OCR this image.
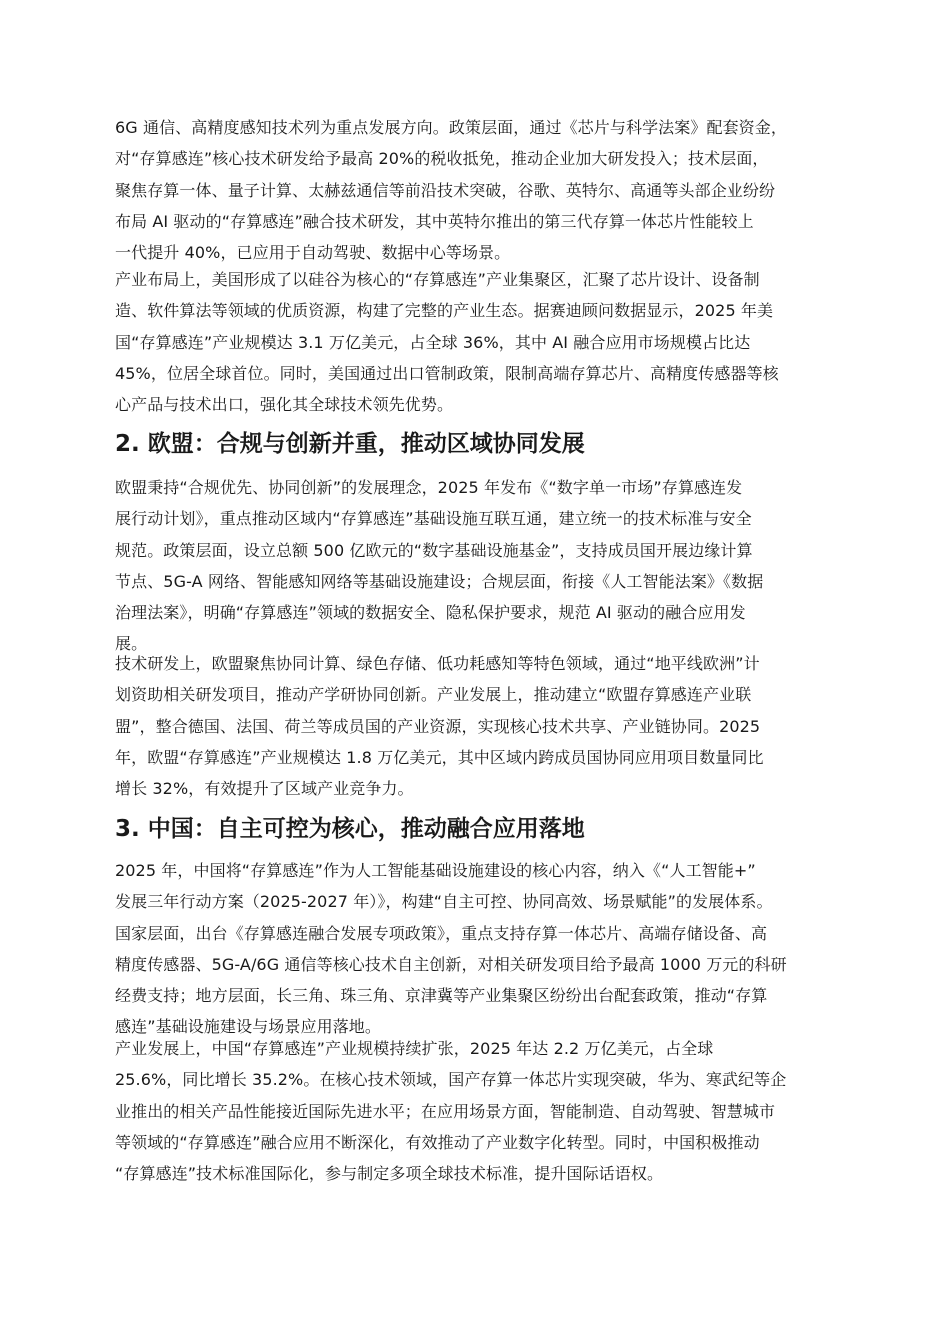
6G 通信、高精度感知技术列为重点发展方向。政策层面，通过《芯片与科学法案》配套资金，
对“存算感连”核心技术研发给予最高 20%的税收抵免，推动企业加大研发投入；技术层面，
聚焦存算一体、量子计算、太赫兹通信等前沿技术突破，谷歌、英特尔、高通等头部企业纷纷
布局 AI 驱动的“存算感连”融合技术研发，其中英特尔推出的第三代存算一体芯片性能较上
一代提升 40%，已应用于自动驾驶、数据中心等场景。
产业布局上，美国形成了以硅谷为核心的“存算感连”产业集聚区，汇聚了芯片设计、设备制
造、软件算法等领域的优质资源，构建了完整的产业生态。据赛迪顾问数据显示，2025 年美
国“存算感连”产业规模达 3.1 万亿美元，占全球 36%，其中 AI 融合应用市场规模占比达
45%，位居全球首位。同时，美国通过出口管制政策，限制高端存算芯片、高精度传感器等核
心产品与技术出口，强化其全球技术领先优势。
2. 欧盟：合规与创新并重，推动区域协同发展
欧盟秉持“合规优先、协同创新”的发展理念，2025 年发布《“数字单一市场”存算感连发
展行动计划》，重点推动区域内“存算感连”基础设施互联互通，建立统一的技术标准与安全
规范。政策层面，设立总额 500 亿欧元的“数字基础设施基金”，支持成员国开展边缘计算
节点、5G-A 网络、智能感知网络等基础设施建设；合规层面，衔接《人工智能法案》《数据
治理法案》，明确“存算感连”领域的数据安全、隐私保护要求，规范 AI 驱动的融合应用发
展。
技术研发上，欧盟聚焦协同计算、绿色存储、低功耗感知等特色领域，通过“地平线欧洲”计
划资助相关研发项目，推动产学研协同创新。产业发展上，推动建立“欧盟存算感连产业联
盟”，整合德国、法国、荷兰等成员国的产业资源，实现核心技术共享、产业链协同。2025
年，欧盟“存算感连”产业规模达 1.8 万亿美元，其中区域内跨成员国协同应用项目数量同比
增长 32%，有效提升了区域产业竞争力。
3. 中国：自主可控为核心，推动融合应用落地
2025 年，中国将“存算感连”作为人工智能基础设施建设的核心内容，纳入《“人工智能+”
发展三年行动方案（2025-2027 年）》，构建“自主可控、协同高效、场景赋能”的发展体系。
国家层面，出台《存算感连融合发展专项政策》，重点支持存算一体芯片、高端存储设备、高
精度传感器、5G-A/6G 通信等核心技术自主创新，对相关研发项目给予最高 1000 万元的科研
经费支持；地方层面，长三角、珠三角、京津冀等产业集聚区纷纷出台配套政策，推动“存算
感连”基础设施建设与场景应用落地。
产业发展上，中国“存算感连”产业规模持续扩张，2025 年达 2.2 万亿美元，占全球
25.6%，同比增长 35.2%。在核心技术领域，国产存算一体芯片实现突破，华为、寒武纪等企
业推出的相关产品性能接近国际先进水平；在应用场景方面，智能制造、自动驾驶、智慧城市
等领域的“存算感连”融合应用不断深化，有效推动了产业数字化转型。同时，中国积极推动
“存算感连”技术标准国际化，参与制定多项全球技术标准，提升国际话语权。
